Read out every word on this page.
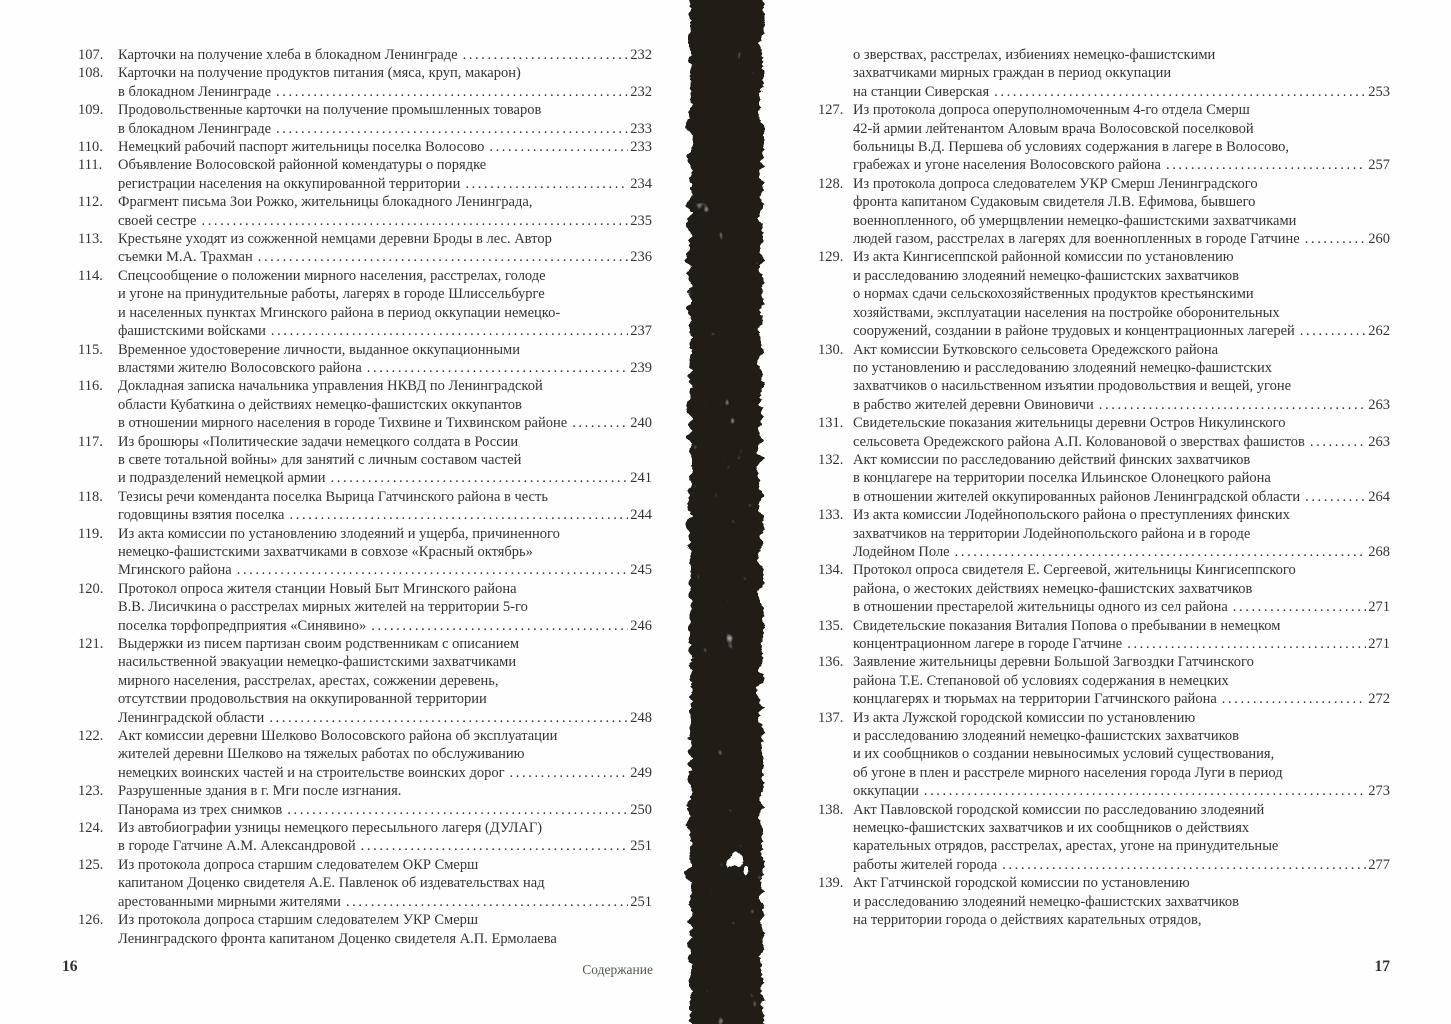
107.	Карточки на получение хлеба в блокадном Ленинграде .....	232
108.	Карточки на получение продуктов питания (мяса, круп, макарон)
в блокадном Ленинграде .....	232
109.	Продовольственные карточки на получение промышленных товаров
в блокадном Ленинграде .....	233
110.	Немецкий рабочий паспорт жительницы поселка Волосово .....	233
111.	Объявление Волосовской районной комендатуры о порядке
регистрации населения на оккупированной территории .....	234
112.	Фрагмент письма Зои Рожко, жительницы блокадного Ленинграда,
своей сестре .....	235
113.	Крестьяне уходят из сожженной немцами деревни Броды в лес. Автор
съемки М.А. Трахман .....	236
114.	Спецсообщение о положении мирного населения, расстрелах, голоде
и угоне на принудительные работы, лагерях в городе Шлиссельбурге
и населенных пунктах Мгинского района в период оккупации немецко-
фашистскими войсками .....	237
115.	Временное удостоверение личности, выданное оккупационными
властями жителю Волосовского района .....	239
116.	Докладная записка начальника управления НКВД по Ленинградской
области Кубаткина о действиях немецко-фашистских оккупантов
в отношении мирного населения в городе Тихвине и Тихвинском районе .....	240
117.	Из брошюры «Политические задачи немецкого солдата в России
в свете тотальной войны» для занятий с личным составом частей
и подразделений немецкой армии .....	241
118.	Тезисы речи коменданта поселка Вырица Гатчинского района в честь
годовщины взятия поселка .....	244
119.	Из акта комиссии по установлению злодеяний и ущерба, причиненного
немецко-фашистскими захватчиками в совхозе «Красный октябрь»
Мгинского района .....	245
120.	Протокол опроса жителя станции Новый Быт Мгинского района
В.В. Лисичкина о расстрелах мирных жителей на территории 5-го
поселка торфопредприятия «Синявино» .....	246
121.	Выдержки из писем партизан своим родственникам с описанием
насильственной эвакуации немецко-фашистскими захватчиками
мирного населения, расстрелах, арестах, сожжении деревень,
отсутствии продовольствия на оккупированной территории
Ленинградской области .....	248
122.	Акт комиссии деревни Шелково Волосовского района об эксплуатации
жителей деревни Шелково на тяжелых работах по обслуживанию
немецких воинских частей и на строительстве воинских дорог .....	249
123.	Разрушенные здания в г. Мги после изгнания.
Панорама из трех снимков .....	250
124.	Из автобиографии узницы немецкого пересыльного лагеря (ДУЛАГ)
в городе Гатчине А.М. Александровой .....	251
125.	Из протокола допроса старшим следователем ОКР Смерш
капитаном Доценко свидетеля А.Е. Павленок об издевательствах над
арестованными мирными жителями .....	251
126.	Из протокола допроса старшим следователем УКР Смерш
Ленинградского фронта капитаном Доценко свидетеля А.П. Ермолаева
о зверствах, расстрелах, избиениях немецко-фашистскими
захватчиками мирных граждан в период оккупации
на станции Сиверская .....	253
127. Из протокола допроса оперуполномоченным 4-го отдела Смерш
42-й армии лейтенантом Аловым врача Волосовской поселковой
больницы В.Д. Першева об условиях содержания в лагере в Волосово,
грабежах и угоне населения Волосовского района .....	257
128. Из протокола допроса следователем УКР Смерш Ленинградского
фронта капитаном Судаковым свидетеля Л.В. Ефимова, бывшего
военнопленного, об умерщвлении немецко-фашистскими захватчиками
людей газом, расстрелах в лагерях для военнопленных в городе Гатчине .....	260
129. Из акта Кингисеппской районной комиссии по установлению
и расследованию злодеяний немецко-фашистских захватчиков
о нормах сдачи сельскохозяйственных продуктов крестьянскими
хозяйствами, эксплуатации населения на постройке оборонительных
сооружений, создании в районе трудовых и концентрационных лагерей .....	262
130. Акт комиссии Бутковского сельсовета Оредежского района
по установлению и расследованию злодеяний немецко-фашистских
захватчиков о насильственном изъятии продовольствия и вещей, угоне
в рабство жителей деревни Овиновичи .....	263
131. Свидетельские показания жительницы деревни Остров Никулинского
сельсовета Оредежского района А.П. Коловановой о зверствах фашистов .....	263
132. Акт комиссии по расследованию действий финских захватчиков
в концлагере на территории поселка Ильинское Олонецкого района
в отношении жителей оккупированных районов Ленинградской области .....	264
133. Из акта комиссии Лодейнопольского района о преступлениях финских
захватчиков на территории Лодейнопольского района и в городе
Лодейном Поле .....	268
134. Протокол опроса свидетеля Е. Сергеевой, жительницы Кингисеппского
района, о жестоких действиях немецко-фашистских захватчиков
в отношении престарелой жительницы одного из сел района .....	271
135. Свидетельские показания Виталия Попова о пребывании в немецком
концентрационном лагере в городе Гатчине .....	271
136. Заявление жительницы деревни Большой Загвоздки Гатчинского
района Т.Е. Степановой об условиях содержания в немецких
концлагерях и тюрьмах на территории Гатчинского района .....	272
137. Из акта Лужской городской комиссии по установлению
и расследованию злодеяний немецко-фашистских захватчиков
и их сообщников о создании невыносимых условий существования,
об угоне в плен и расстреле мирного населения города Луги в период
оккупации .....	273
138. Акт Павловской городской комиссии по расследованию злодеяний
немецко-фашистских захватчиков и их сообщников о действиях
карательных отрядов, расстрелах, арестах, угоне на принудительные
работы жителей города .....	277
139. Акт Гатчинской городской комиссии по установлению
и расследованию злодеяний немецко-фашистских захватчиков
на территории города о действиях карательных отрядов,
16	Содержание	17
